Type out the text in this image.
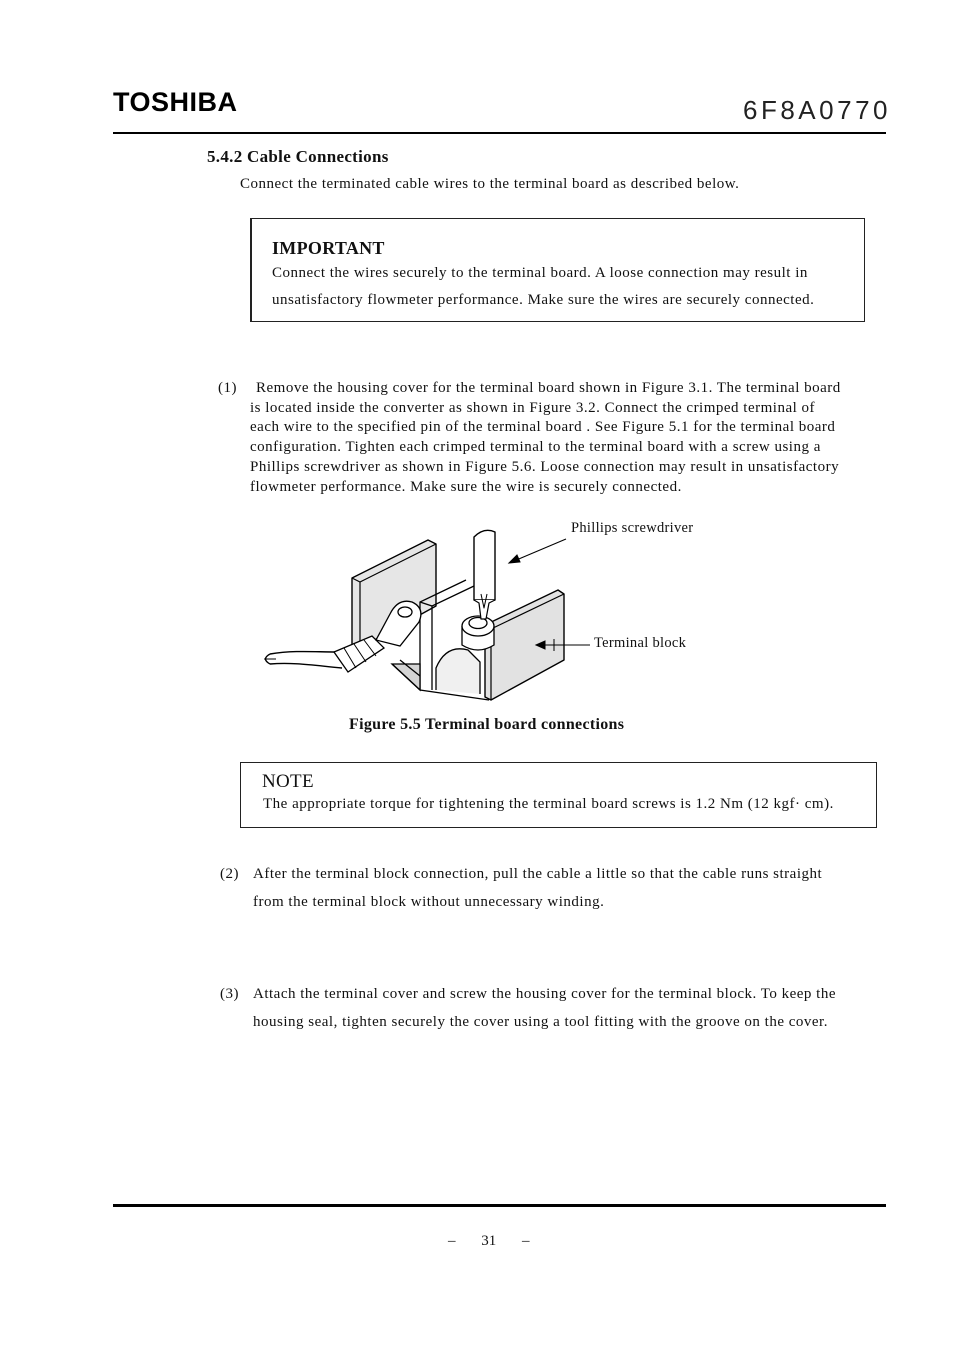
TOSHIBA	6F8A0770
5.4.2 Cable Connections
Connect the terminated cable wires to the terminal board as described below.
IMPORTANT
Connect the wires securely to the terminal board. A loose connection may result in
unsatisfactory flowmeter performance. Make sure the wires are securely connected.
(1) Remove the housing cover for the terminal board shown in Figure 3.1. The terminal board
is located inside the converter as shown in Figure 3.2. Connect the crimped terminal of
each wire to the specified pin of the terminal board . See Figure 5.1 for the terminal board
configuration. Tighten each crimped terminal to the terminal board with a screw using a
Phillips screwdriver as shown in Figure 5.6. Loose connection may result in unsatisfactory
flowmeter performance. Make sure the wire is securely connected.
Phillips screwdriver
Terminal block
Figure 5.5 Terminal board connections
NOTE
The appropriate torque for tightening the terminal board screws is 1.2 Nm (12 kgf· cm).
(2) After the terminal block connection, pull the cable a little so that the cable runs straight
from the terminal block without unnecessary winding.
(3) Attach the terminal cover and screw the housing cover for the terminal block. To keep the
housing seal, tighten securely the cover using a tool fitting with the groove on the cover.
– 31 –
